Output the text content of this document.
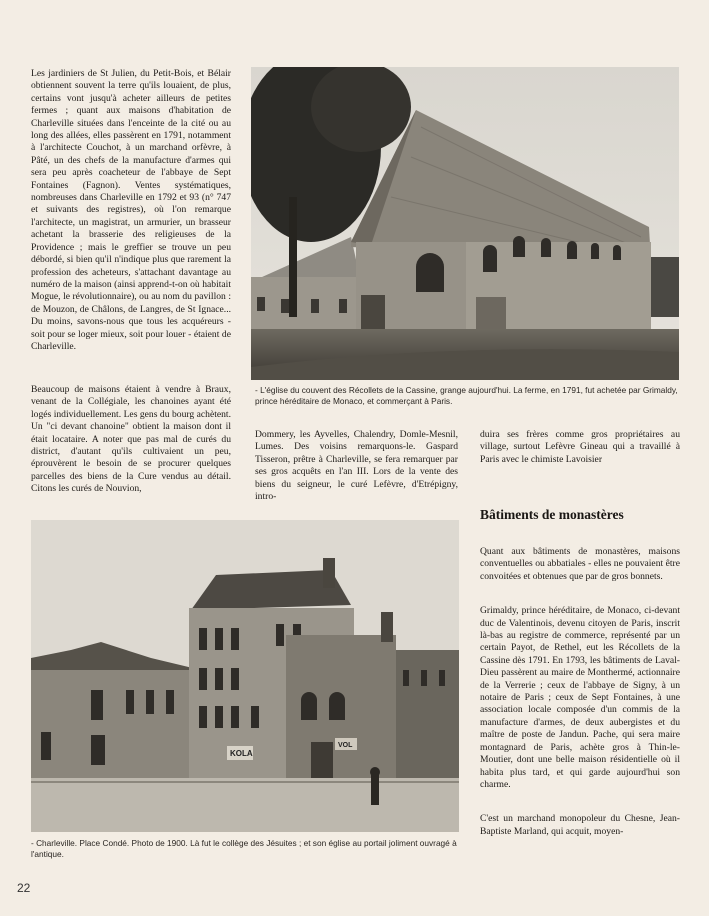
Les jardiniers de St Julien, du Petit-Bois, et Bélair obtiennent souvent la terre qu'ils louaient, de plus, certains vont jusqu'à acheter ailleurs de petites fermes ; quant aux maisons d'habitation de Charleville situées dans l'enceinte de la cité ou au long des allées, elles passèrent en 1791, notamment à l'architecte Couchot, à un marchand orfèvre, à Pâté, un des chefs de la manufacture d'armes qui sera peu après coacheteur de l'abbaye de Sept Fontaines (Fagnon). Ventes systématiques, nombreuses dans Charleville en 1792 et 93 (n° 747 et suivants des registres), où l'on remarque l'architecte, un magistrat, un armurier, un brasseur achetant la brasserie des religieuses de la Providence ; mais le greffier se trouve un peu débordé, si bien qu'il n'indique plus que rarement la profession des acheteurs, s'attachant davantage au numéro de la maison (ainsi apprend-t-on où habitait Mogue, le révolutionnaire), ou au nom du pavillon : de Mouzon, de Châlons, de Langres, de St Ignace... Du moins, savons-nous que tous les acquéreurs - soit pour se loger mieux, soit pour louer - étaient de Charleville.

- L'église du couvent des Récollets de la Cassine, grange aujourd'hui. La ferme, en 1791, fut achetée par Grimaldy, prince héréditaire de Monaco, et commerçant à Paris.

Beaucoup de maisons étaient à vendre à Braux, venant de la Collégiale, les chanoines ayant été logés individuellement. Les gens du bourg achètent. Un "ci devant chanoine" obtient la maison dont il était locataire. A noter que pas mal de curés du district, d'autant qu'ils cultivaient un peu, éprouvèrent le besoin de se procurer quelques parcelles des biens de la Cure vendus au détail. Citons les curés de Nouvion,

Dommery, les Ayvelles, Chalendry, Domle-Mesnil, Lumes. Des voisins remarquons-le. Gaspard Tisseron, prêtre à Charleville, se fera remarquer par ses gros acquêts en l'an III. Lors de la vente des biens du seigneur, le curé Lefèvre, d'Etrépigny, intro-

duira ses frères comme gros propriétaires au village, surtout Lefèvre Gineau qui a travaillé à Paris avec le chimiste Lavoisier

Bâtiments de monastères

Quant aux bâtiments de monastères, maisons conventuelles ou abbatiales - elles ne pouvaient être convoitées et obtenues que par de gros bonnets.

Grimaldy, prince héréditaire, de Monaco, ci-devant duc de Valentinois, devenu citoyen de Paris, inscrit là-bas au registre de commerce, représenté par un certain Payot, de Rethel, eut les Récollets de la Cassine dès 1791. En 1793, les bâtiments de Laval-Dieu passèrent au maire de Monthermé, actionnaire de la Verrerie ; ceux de l'abbaye de Signy, à un notaire de Paris ; ceux de Sept Fontaines, à une association locale composée d'un commis de la manufacture d'armes, de deux aubergistes et du maître de poste de Jandun. Pache, qui sera maire montagnard de Paris, achète gros à Thin-le-Moutier, dont une belle maison résidentielle où il habita plus tard, et qui garde aujourd'hui son charme.

C'est un marchand monopoleur du Chesne, Jean-Baptiste Marland, qui acquit, moyen-

KOLA
VOL
- Charleville. Place Condé. Photo de 1900. Là fut le collège des Jésuites ; et son église au portail joliment ouvragé à l'antique.
22
